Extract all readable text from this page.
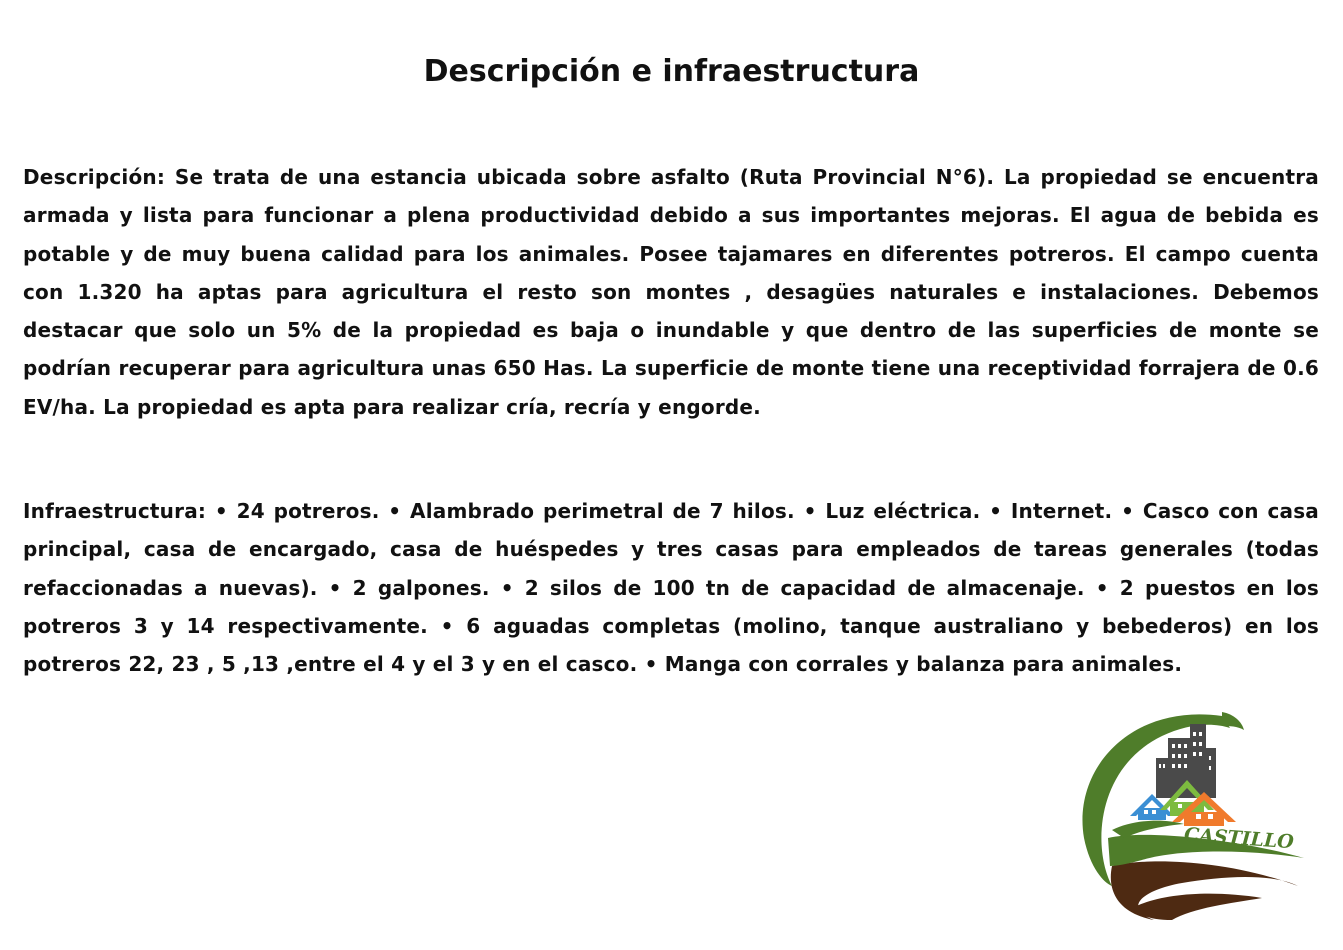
Descripción e infraestructura

Descripción: Se trata de una estancia ubicada sobre asfalto (Ruta Provincial N°6). La propiedad se encuentra armada y lista para funcionar a plena productividad debido a sus importantes mejoras. El agua de bebida es potable y de muy buena calidad para los animales. Posee tajamares en diferentes potreros. El campo cuenta con 1.320 ha aptas para agricultura el resto son montes , desagües naturales e instalaciones. Debemos destacar que solo un 5% de la propiedad es baja o inundable y que dentro de las superficies de monte se podrían recuperar para agricultura unas 650 Has. La superficie de monte tiene una receptividad forrajera de 0.6 EV/ha. La propiedad es apta para realizar cría, recría y engorde.

Infraestructura: • 24 potreros. • Alambrado perimetral de 7 hilos. • Luz eléctrica. • Internet. • Casco con casa principal, casa de encargado, casa de huéspedes y tres casas para empleados de tareas generales (todas refaccionadas a nuevas). • 2 galpones. • 2 silos de 100 tn de capacidad de almacenaje. • 2 puestos en los potreros 3 y 14 respectivamente. • 6 aguadas completas (molino, tanque australiano y bebederos) en los potreros 22, 23 , 5 ,13 ,entre el 4 y el 3 y en el casco. • Manga con corrales y balanza para animales.

CASTILLO
